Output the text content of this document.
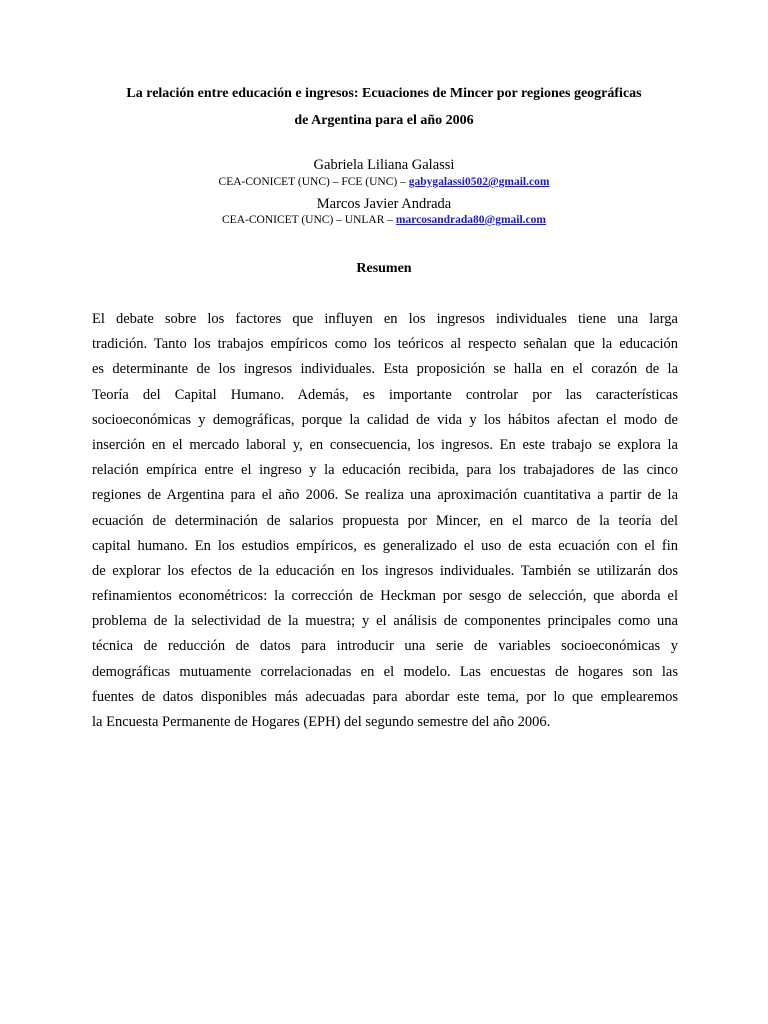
La relación entre educación e ingresos: Ecuaciones de Mincer por regiones geográficas

de Argentina para el año 2006

Gabriela Liliana Galassi

CEA-CONICET (UNC) – FCE (UNC) – gabygalassi0502@gmail.com

Marcos Javier Andrada

CEA-CONICET (UNC) – UNLAR – marcosandrada80@gmail.com

Resumen

El debate sobre los factores que influyen en los ingresos individuales tiene una larga
tradición. Tanto los trabajos empíricos como los teóricos al respecto señalan que la educación
es determinante de los ingresos individuales. Esta proposición se halla en el corazón de la
Teoría del Capital Humano. Además, es importante controlar por las características
socioeconómicas y demográficas, porque la calidad de vida y los hábitos afectan el modo de
inserción en el mercado laboral y, en consecuencia, los ingresos. En este trabajo se explora la
relación empírica entre el ingreso y la educación recibida, para los trabajadores de las cinco
regiones de Argentina para el año 2006. Se realiza una aproximación cuantitativa a partir de la
ecuación de determinación de salarios propuesta por Mincer, en el marco de la teoría del
capital humano. En los estudios empíricos, es generalizado el uso de esta ecuación con el fin
de explorar los efectos de la educación en los ingresos individuales. También se utilizarán dos
refinamientos econométricos: la corrección de Heckman por sesgo de selección, que aborda el
problema de la selectividad de la muestra; y el análisis de componentes principales como una
técnica de reducción de datos para introducir una serie de variables socioeconómicas y
demográficas mutuamente correlacionadas en el modelo. Las encuestas de hogares son las
fuentes de datos disponibles más adecuadas para abordar este tema, por lo que emplearemos
la Encuesta Permanente de Hogares (EPH) del segundo semestre del año 2006.
